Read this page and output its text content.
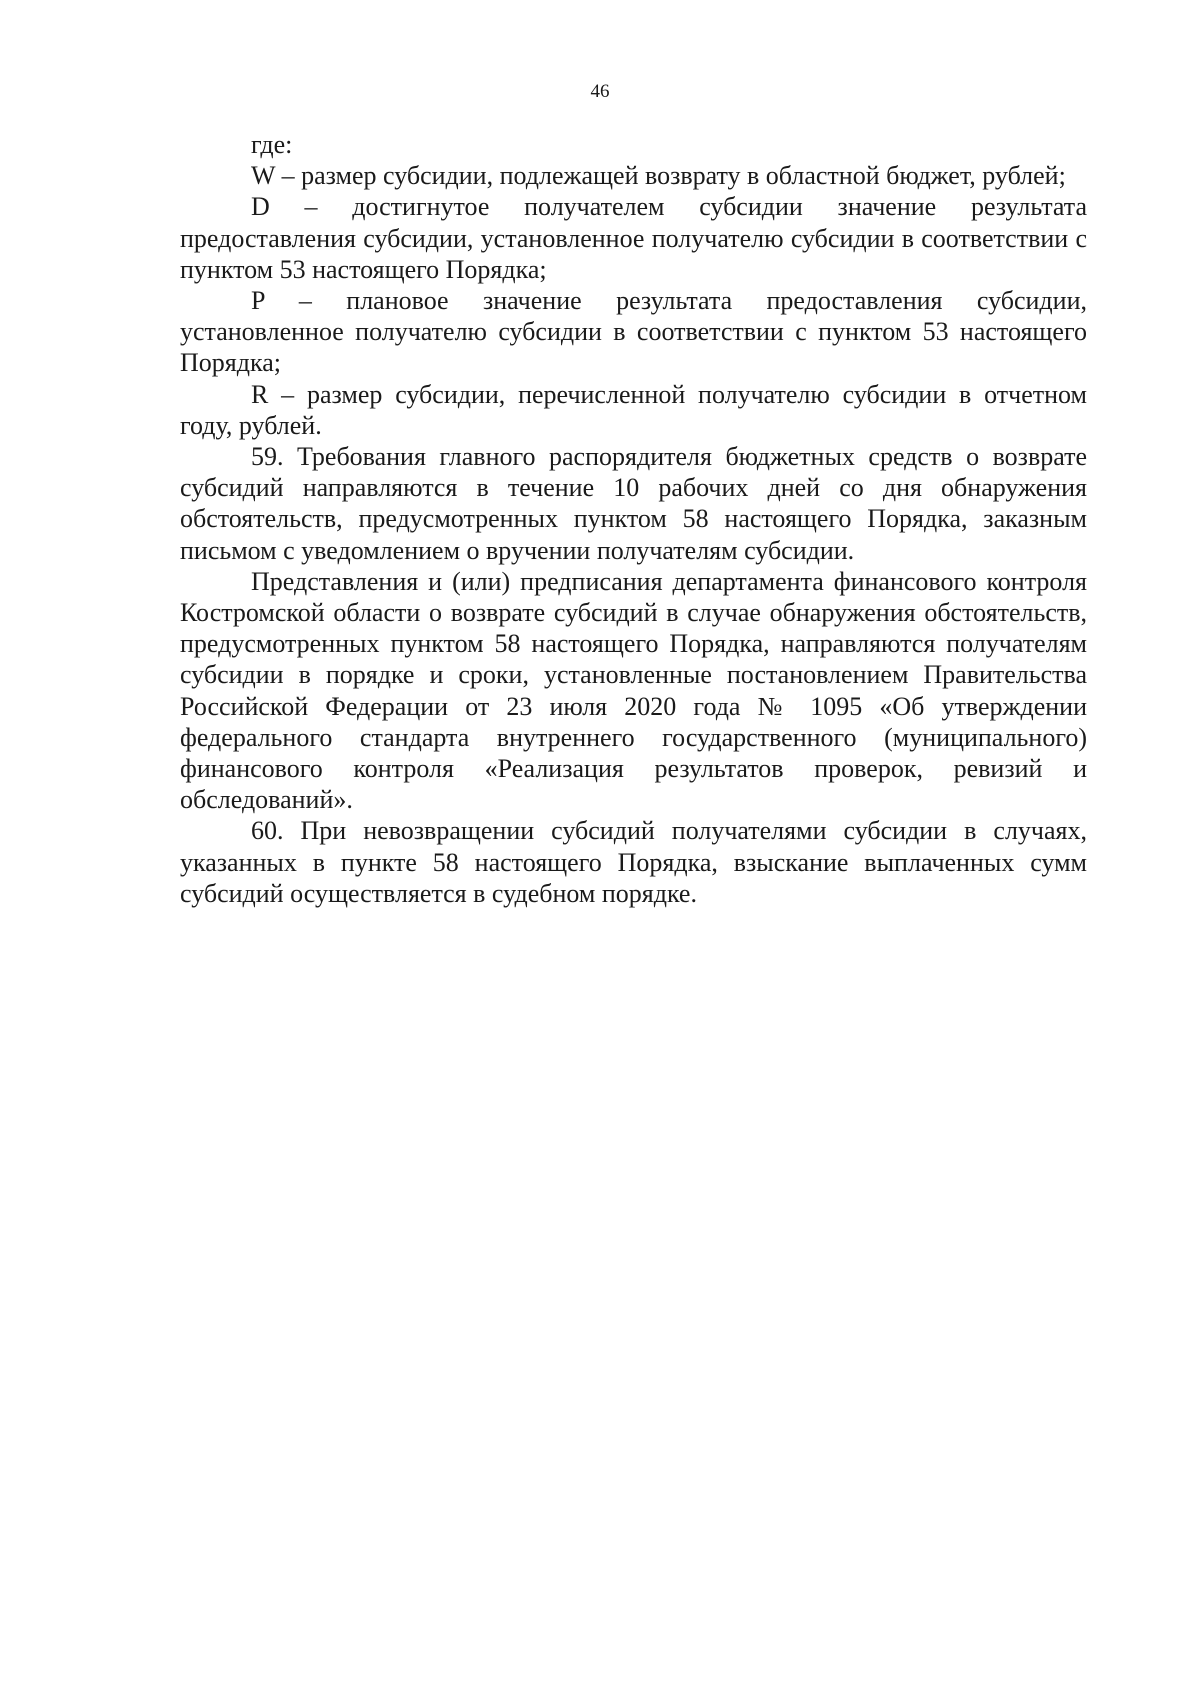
46

где:

W – размер субсидии, подлежащей возврату в областной бюджет, рублей;

D – достигнутое получателем субсидии значение результата предоставления субсидии, установленное получателю субсидии в соответствии с пунктом 53 настоящего Порядка;

P – плановое значение результата предоставления субсидии, установленное получателю субсидии в соответствии с пунктом 53 настоящего Порядка;

R – размер субсидии, перечисленной получателю субсидии в отчетном году, рублей.

59. Требования главного распорядителя бюджетных средств о возврате субсидий направляются в течение 10 рабочих дней со дня обнаружения обстоятельств, предусмотренных пунктом 58 настоящего Порядка, заказным письмом с уведомлением о вручении получателям субсидии.

Представления и (или) предписания департамента финансового контроля Костромской области о возврате субсидий в случае обнаружения обстоятельств, предусмотренных пунктом 58 настоящего Порядка, направляются получателям субсидии в порядке и сроки, установленные постановлением Правительства Российской Федерации от 23 июля 2020 года № 1095 «Об утверждении федерального стандарта внутреннего государственного (муниципального) финансового контроля «Реализация результатов проверок, ревизий и обследований».

60. При невозвращении субсидий получателями субсидии в случаях, указанных в пункте 58 настоящего Порядка, взыскание выплаченных сумм субсидий осуществляется в судебном порядке.
